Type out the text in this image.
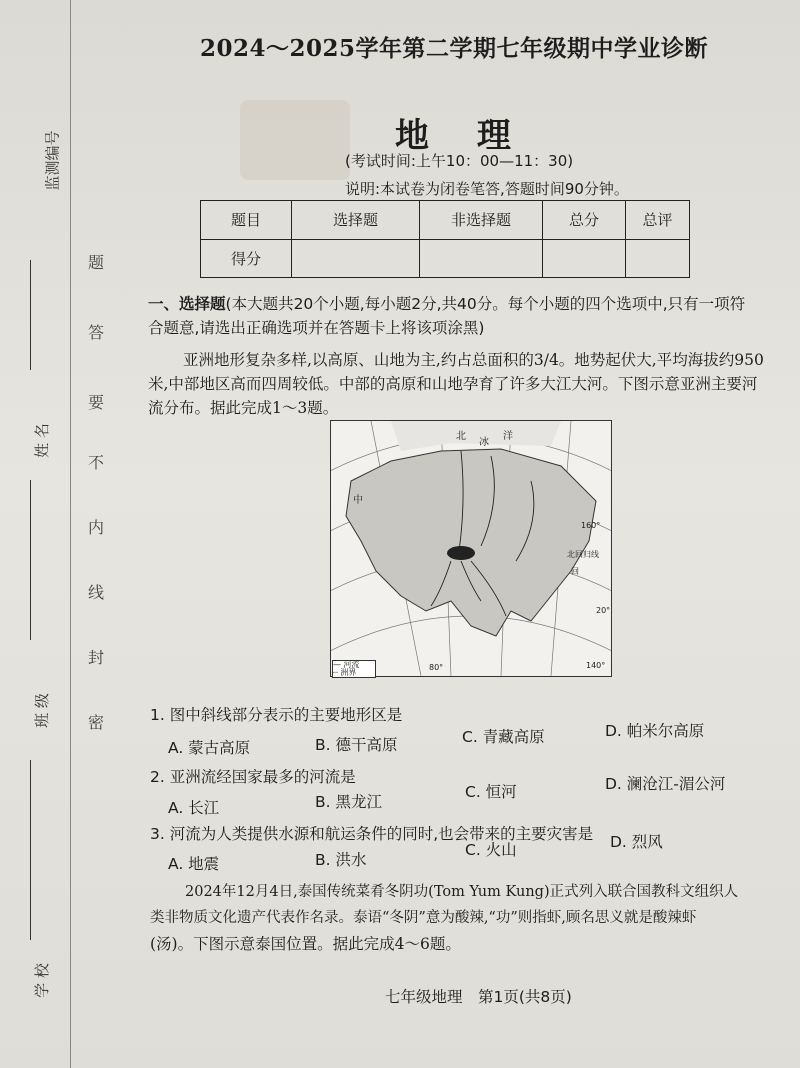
监测编号
姓 名
班 级
学 校
题
答
要
不
内
线
封
密
2024～2025学年第二学期七年级期中学业诊断
地 理
(考试时间:上午10：00—11：30)
说明:本试卷为闭卷笔答,答题时间90分钟。
题目	选择题	非选择题	总分	总评
得分				
一、选择题(本大题共20个小题,每小题2分,共40分。每个小题的四个选项中,只有一项符
合题意,请选出正确选项并在答题卡上将该项涂黑)
亚洲地形复杂多样,以高原、山地为主,约占总面积的3/4。地势起伏大,平均海拔约950
米,中部地区高而四周较低。中部的高原和山地孕育了许多大江大河。下图示意亚洲主要河
流分布。据此完成1～3题。
北
冰
洋
中
回
北回归线
160°
20°
80°	140°
— 河流
┈ 洲界
1. 图中斜线部分表示的主要地形区是
A. 蒙古高原	B. 德干高原	C. 青藏高原	D. 帕米尔高原
2. 亚洲流经国家最多的河流是
A. 长江	B. 黑龙江
C. 恒河	D. 澜沧江-湄公河
3. 河流为人类提供水源和航运条件的同时,也会带来的主要灾害是
A. 地震	B. 洪水
C. 火山	D. 烈风
2024年12月4日,泰国传统菜肴冬阴功(Tom Yum Kung)正式列入联合国教科文组织人
类非物质文化遗产代表作名录。泰语“冬阴”意为酸辣,“功”则指虾,顾名思义就是酸辣虾
(汤)。下图示意泰国位置。据此完成4～6题。
七年级地理　第1页(共8页)
